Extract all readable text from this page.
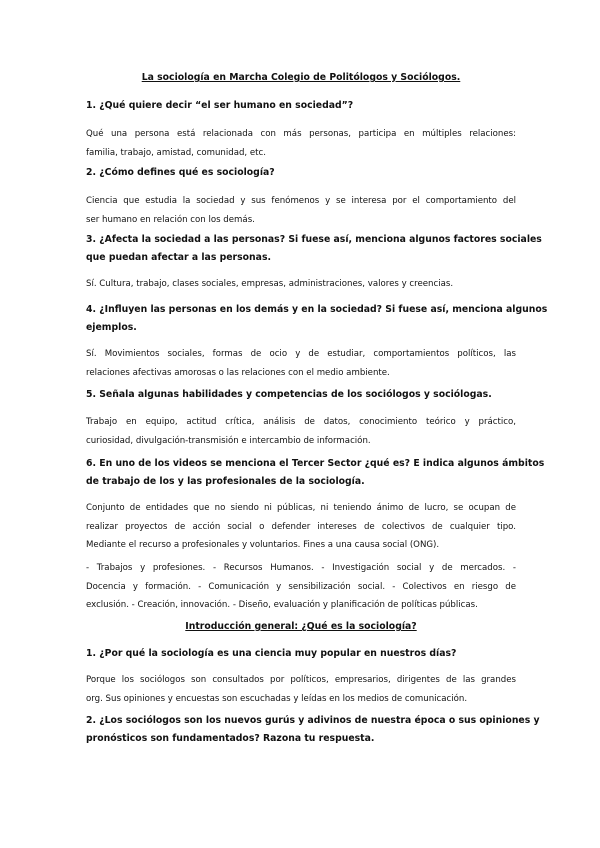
La sociología en Marcha Colegio de Politólogos y Sociólogos.
1. ¿Qué quiere decir “el ser humano en sociedad”?
Qué una persona está relacionada con más personas, participa en múltiples relaciones:
familia, trabajo, amistad, comunidad, etc.
2. ¿Cómo defines qué es sociología?
Ciencia que estudia la sociedad y sus fenómenos y se interesa por el comportamiento del
ser humano en relación con los demás.
3. ¿Afecta la sociedad a las personas? Si fuese así, menciona algunos factores sociales
que puedan afectar a las personas.
Sí. Cultura, trabajo, clases sociales, empresas, administraciones, valores y creencias.
4. ¿Influyen las personas en los demás y en la sociedad? Si fuese así, menciona algunos
ejemplos.
Sí. Movimientos sociales, formas de ocio y de estudiar, comportamientos políticos, las
relaciones afectivas amorosas o las relaciones con el medio ambiente.
5. Señala algunas habilidades y competencias de los sociólogos y sociólogas.
Trabajo en equipo, actitud crítica, análisis de datos, conocimiento teórico y práctico,
curiosidad, divulgación-transmisión e intercambio de información.
6. En uno de los videos se menciona el Tercer Sector ¿qué es? E indica algunos ámbitos
de trabajo de los y las profesionales de la sociología.
Conjunto de entidades que no siendo ni públicas, ni teniendo ánimo de lucro, se ocupan de
realizar proyectos de acción social o defender intereses de colectivos de cualquier tipo.
Mediante el recurso a profesionales y voluntarios. Fines a una causa social (ONG).
- Trabajos y profesiones. - Recursos Humanos. - Investigación social y de mercados. -
Docencia y formación. - Comunicación y sensibilización social. - Colectivos en riesgo de
exclusión. - Creación, innovación. - Diseño, evaluación y planificación de políticas públicas.
Introducción general: ¿Qué es la sociología?
1. ¿Por qué la sociología es una ciencia muy popular en nuestros días?
Porque los sociólogos son consultados por políticos, empresarios, dirigentes de las grandes
org. Sus opiniones y encuestas son escuchadas y leídas en los medios de comunicación.
2. ¿Los sociólogos son los nuevos gurús y adivinos de nuestra época o sus opiniones y
pronósticos son fundamentados? Razona tu respuesta.
